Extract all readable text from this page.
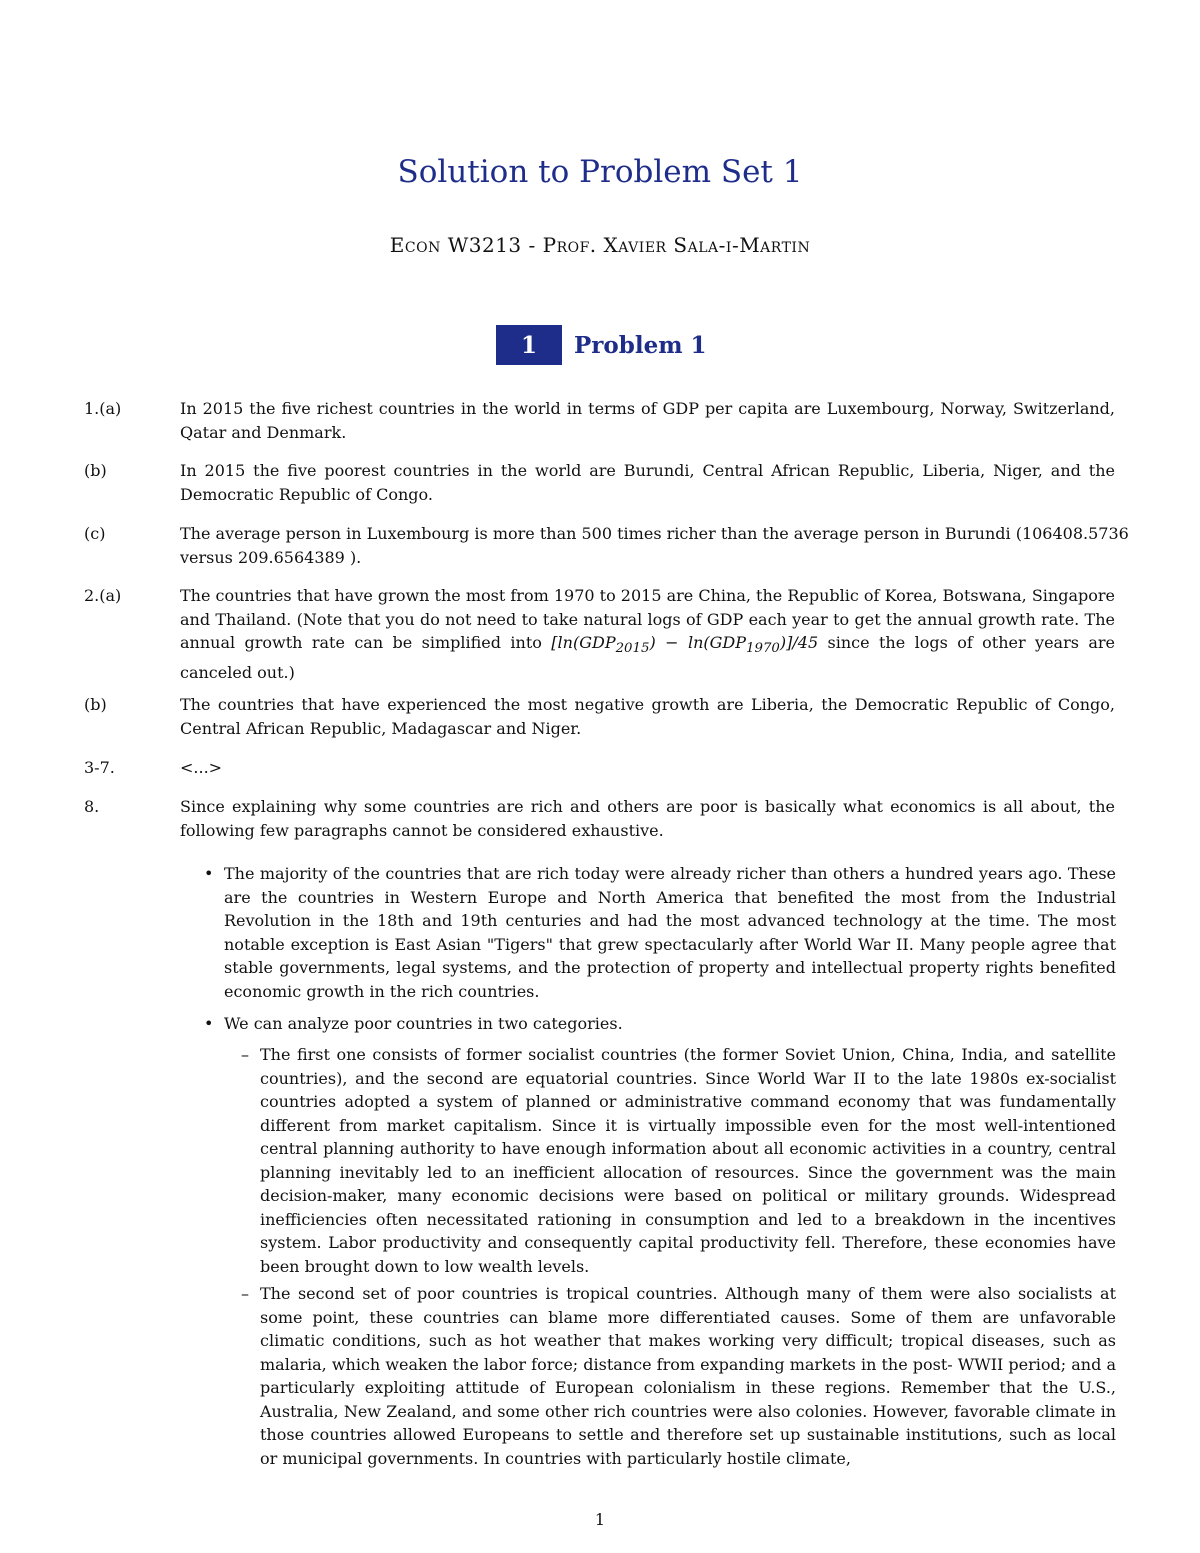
Solution to Problem Set 1
Econ W3213 - Prof. Xavier Sala-i-Martin
1	Problem 1
1.(a)	In 2015 the five richest countries in the world in terms of GDP per capita are Luxembourg, Norway, Switzerland, Qatar and Denmark.
(b)	In 2015 the five poorest countries in the world are Burundi, Central African Republic, Liberia, Niger, and the Democratic Republic of Congo.
(c)	The average person in Luxembourg is more than 500 times richer than the average person in Burundi (106408.5736 versus 209.6564389 ).
2.(a)	The countries that have grown the most from 1970 to 2015 are China, the Republic of Korea, Botswana, Singapore and Thailand. (Note that you do not need to take natural logs of GDP each year to get the annual growth rate. The annual growth rate can be simplified into $[\ln(GDP_{2015}) - \ln(GDP_{1970})]/45$ since the logs of other years are canceled out.)
(b)	The countries that have experienced the most negative growth are Liberia, the Democratic Republic of Congo, Central African Republic, Madagascar and Niger.
3-7.	<...>
8.	Since explaining why some countries are rich and others are poor is basically what economics is all about, the following few paragraphs cannot be considered exhaustive.
• The majority of the countries that are rich today were already richer than others a hundred years ago. These are the countries in Western Europe and North America that benefited the most from the Industrial Revolution in the 18th and 19th centuries and had the most advanced technology at the time. The most notable exception is East Asian "Tigers" that grew spectacularly after World War II. Many people agree that stable governments, legal systems, and the protection of property and intellectual property rights benefited economic growth in the rich countries.
• We can analyze poor countries in two categories.
– The first one consists of former socialist countries (the former Soviet Union, China, India, and satellite countries), and the second are equatorial countries. Since World War II to the late 1980s ex-socialist countries adopted a system of planned or administrative command economy that was fundamentally different from market capitalism. Since it is virtually impossible even for the most well-intentioned central planning authority to have enough information about all economic activities in a country, central planning inevitably led to an inefficient allocation of resources. Since the government was the main decision-maker, many economic decisions were based on political or military grounds. Widespread inefficiencies often necessitated rationing in consumption and led to a breakdown in the incentives system. Labor productivity and consequently capital productivity fell. Therefore, these economies have been brought down to low wealth levels.
– The second set of poor countries is tropical countries. Although many of them were also socialists at some point, these countries can blame more differentiated causes. Some of them are unfavorable climatic conditions, such as hot weather that makes working very difficult; tropical diseases, such as malaria, which weaken the labor force; distance from expanding markets in the post- WWII period; and a particularly exploiting attitude of European colonialism in these regions. Remember that the U.S., Australia, New Zealand, and some other rich countries were also colonies. However, favorable climate in those countries allowed Europeans to settle and therefore set up sustainable institutions, such as local or municipal governments. In countries with particularly hostile climate,
1
